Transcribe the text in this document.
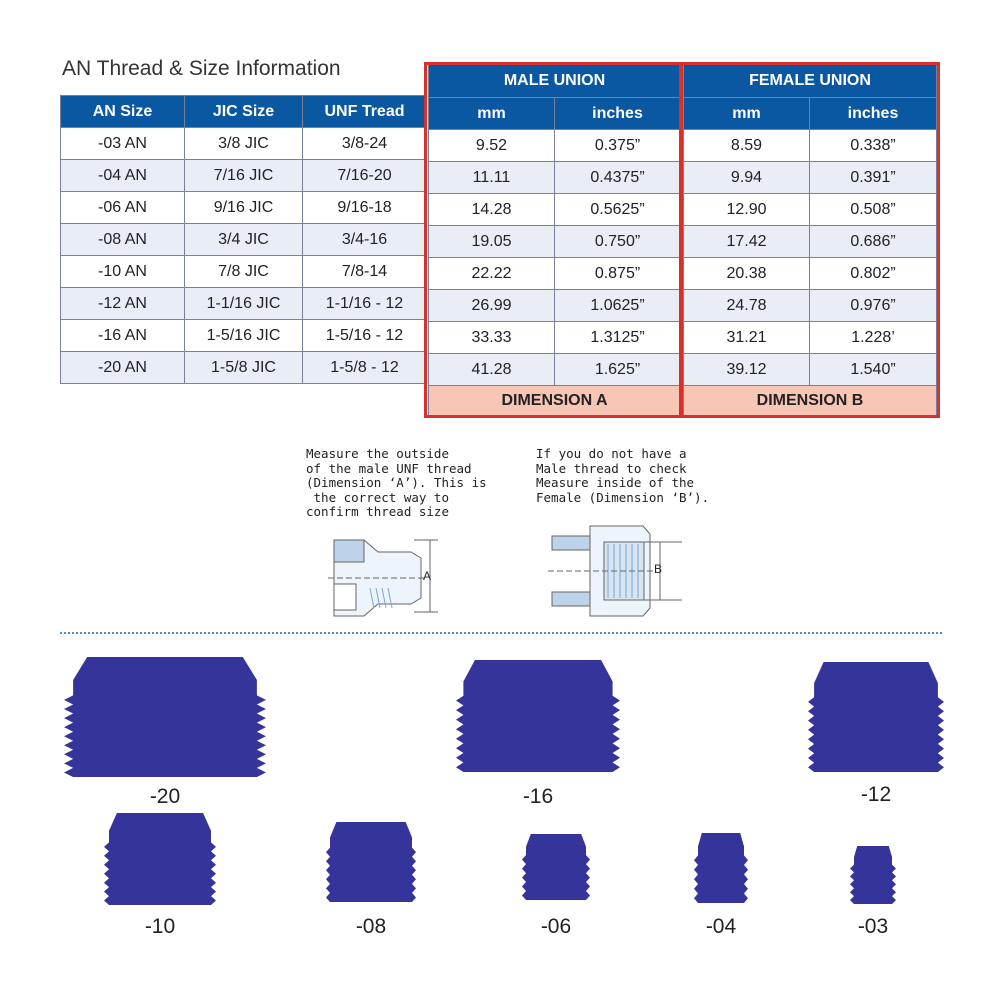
AN Thread & Size Information
AN Size	JIC Size	UNF Tread
-03 AN	3/8 JIC	3/8-24
-04 AN	7/16 JIC	7/16-20
-06 AN	9/16 JIC	9/16-18
-08 AN	3/4 JIC	3/4-16
-10 AN	7/8 JIC	7/8-14
-12 AN	1-1/16 JIC	1-1/16 - 12
-16 AN	1-5/16 JIC	1-5/16 - 12
-20 AN	1-5/8 JIC	1-5/8 - 12
MALE UNION	
mm	inches
9.52	0.375”
11.11	0.4375”
14.28	0.5625”
19.05	0.750”
22.22	0.875”
26.99	1.0625”
33.33	1.3125”
41.28	1.625”
DIMENSION A	
FEMALE UNION	
mm	inches
8.59	0.338”
9.94	0.391”
12.90	0.508”
17.42	0.686”
20.38	0.802”
24.78	0.976”
31.21	1.228’
39.12	1.540”
DIMENSION B	
Measure the outside
of the male UNF thread
(Dimension ‘A’). This is
the correct way to
confirm thread size
If you do not have a
Male thread to check
Measure inside of the
Female (Dimension ‘B’).
A	B
-20	-16	-12
-10	-08	-06	-04	-03
